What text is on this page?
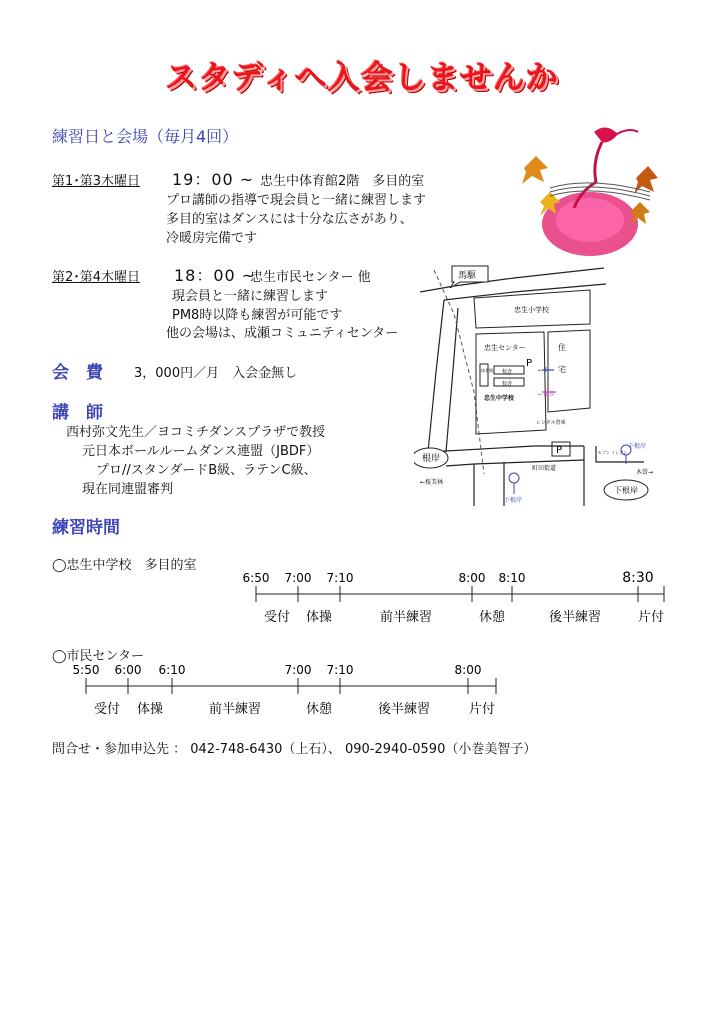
スタディへ入会しませんか
練習日と会場（毎月4回）
第1･第3木曜日 19：00 ~ 忠生中体育館2階　多目的室
プロ講師の指導で現会員と一緒に練習します
多目的室はダンスには十分な広さがあり、
冷暖房完備です
第2･第4木曜日 18：00 ~
忠生市民センター 他
現会員と一緒に練習します
PM8時以降も練習が可能です
他の会場は、成瀬コミュニティセンター
会　費 3，000円／月　入会金無し
講　師
西村弥文先生／ヨコミチダンスプラザで教授
元日本ボールルームダンス連盟（JBDF）
プロ//スタンダードB級、ラテンC級、
現在同連盟審判
馬駆
忠生小学校
忠生センター	住
宅
体育館 校舎
校舎
P
←車
←徒歩
忠生中学校
レンタル倉庫
根岸
←桜美林
町田街道
P	セブン イレブン
木曽→
下根岸
下根岸
下根岸
練習時間
◯忠生中学校　多目的室
6:50 7:00 7:10	8:00 8:10	8:30
受付 体操	前半練習	休憩	後半練習	片付
◯市民センター
5:50 6:00 6:10	7:00 7:10	8:00
受付 体操	前半練習	休憩	後半練習	片付
問合せ・参加申込先 ： 042-748-6430（上石）、 090-2940-0590（小巻美智子）
